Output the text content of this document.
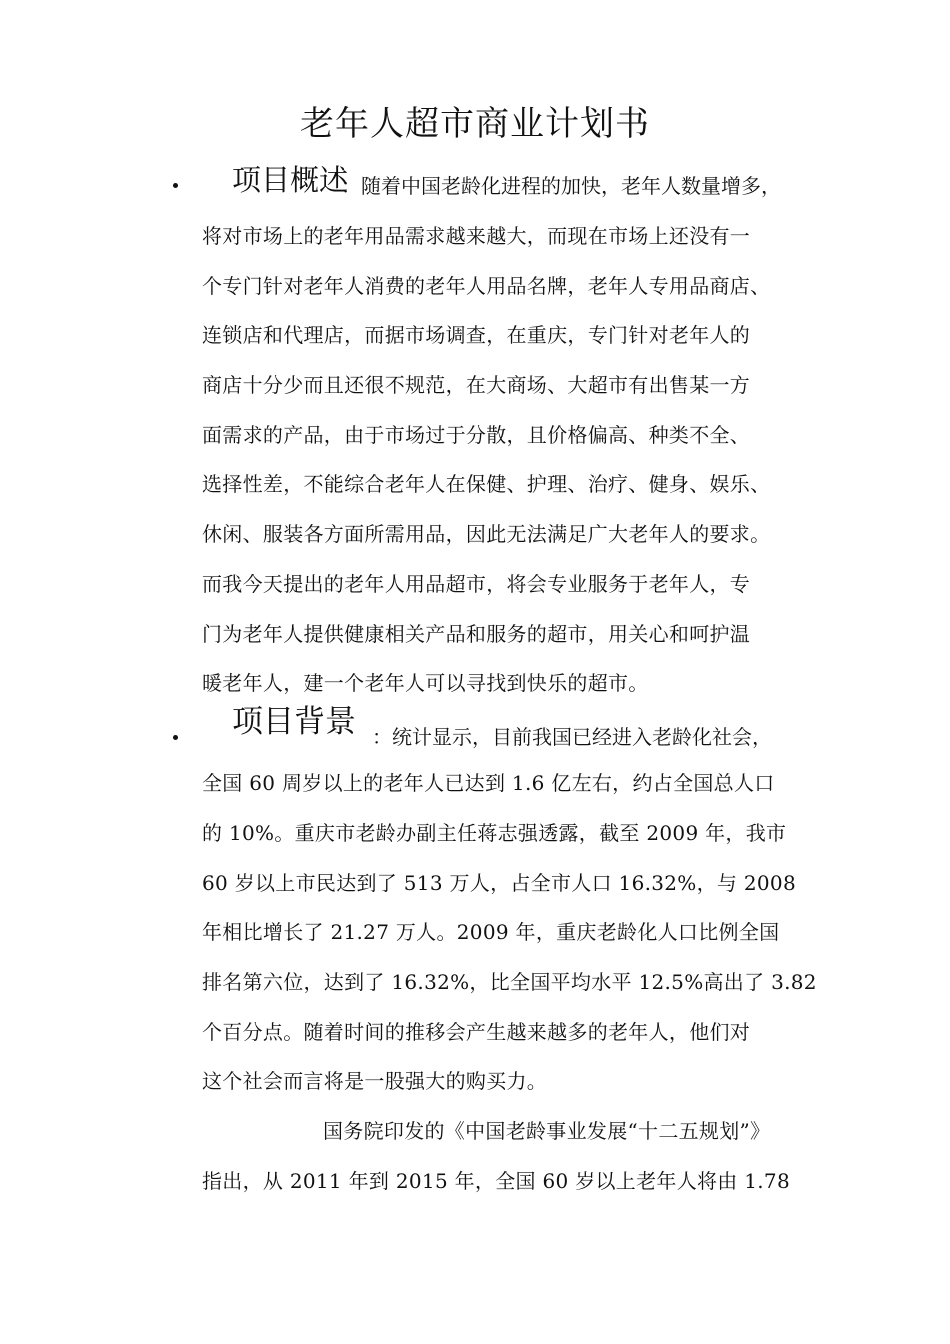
老年人超市商业计划书
项目概述
：随着中国老龄化进程的加快，老年人数量增多，
将对市场上的老年用品需求越来越大，而现在市场上还没有一
个专门针对老年人消费的老年人用品名牌，老年人专用品商店、
连锁店和代理店，而据市场调查，在重庆，专门针对老年人的
商店十分少而且还很不规范，在大商场、大超市有出售某一方
面需求的产品，由于市场过于分散，且价格偏高、种类不全、
选择性差，不能综合老年人在保健、护理、治疗、健身、娱乐、
休闲、服装各方面所需用品，因此无法满足广大老年人的要求。
而我今天提出的老年人用品超市，将会专业服务于老年人，专
门为老年人提供健康相关产品和服务的超市，用关心和呵护温
暖老年人，建一个老年人可以寻找到快乐的超市。
项目背景 ：统计显示，目前我国已经进入老龄化社会，
全国 60 周岁以上的老年人已达到 1.6 亿左右，约占全国总人口
的 10%。重庆市老龄办副主任蒋志强透露，截至 2009 年，我市
60 岁以上市民达到了 513 万人，占全市人口 16.32%，与 2008
年相比增长了 21.27 万人。2009 年，重庆老龄化人口比例全国
排名第六位，达到了 16.32%，比全国平均水平 12.5%高出了 3.82
个百分点。随着时间的推移会产生越来越多的老年人，他们对
这个社会而言将是一股强大的购买力。
国务院印发的《中国老龄事业发展“十二五规划”》
指出，从 2011 年到 2015 年，全国 60 岁以上老年人将由 1.78
